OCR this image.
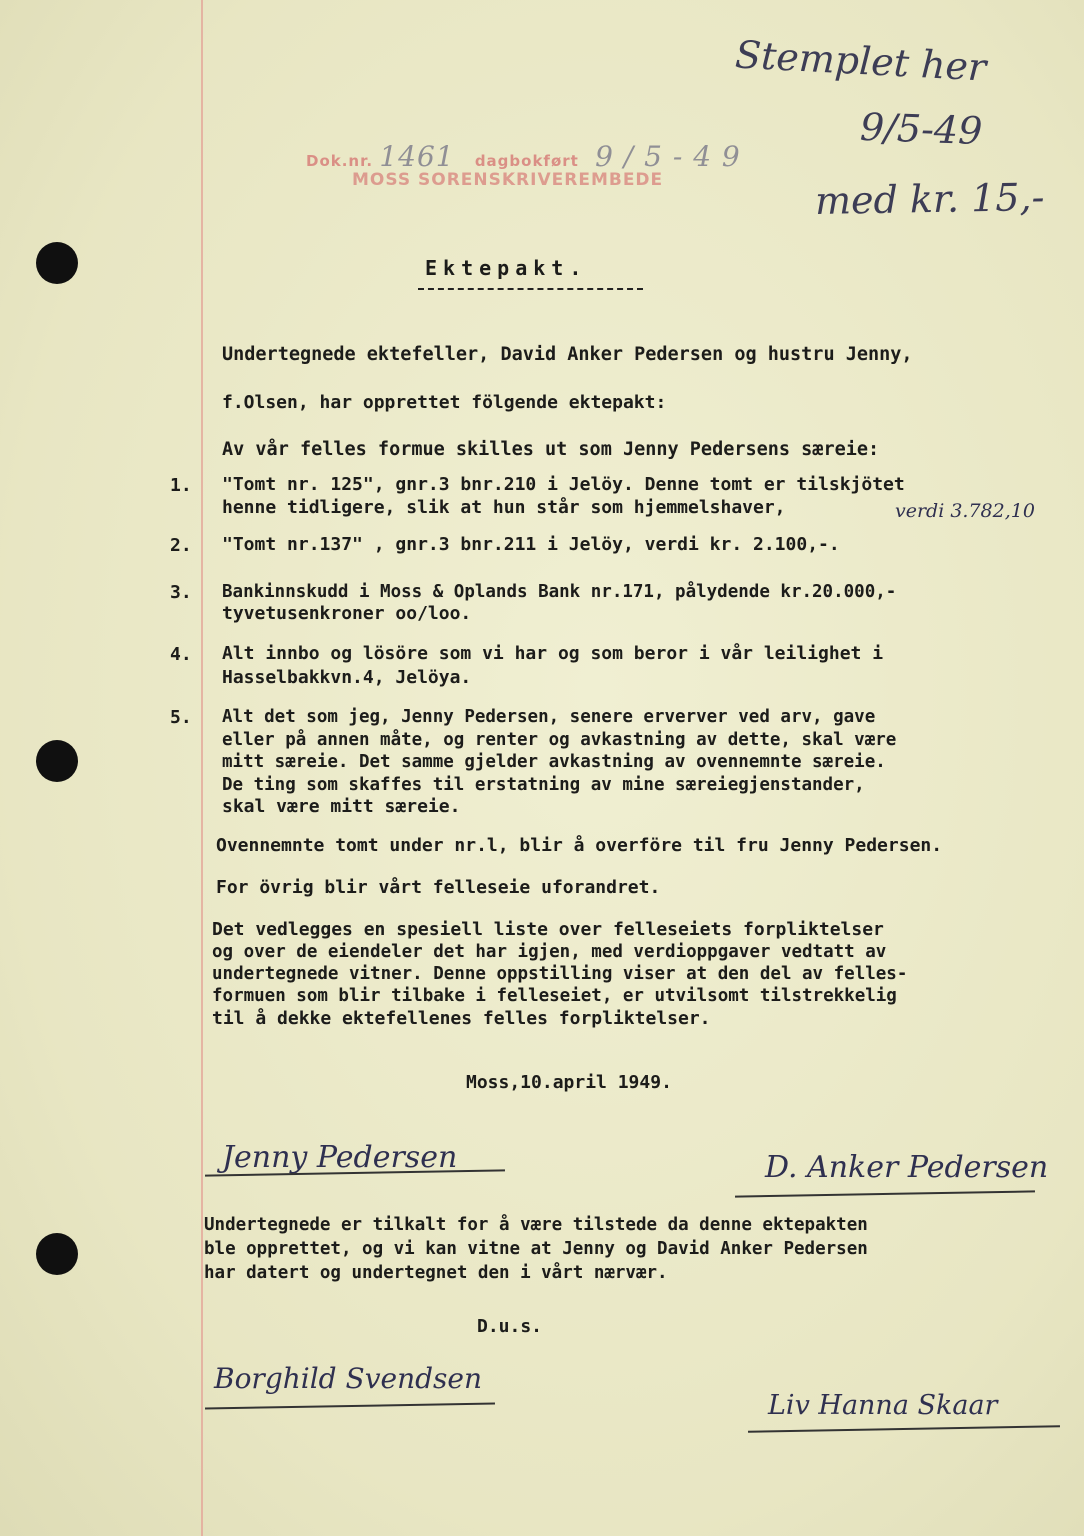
Dok.nr. 1461 dagbokført 9 / 5 - 4 9
MOSS SORENSKRIVEREMBEDE
Stemplet her
9/5-49
med kr. 15,-
Ektepakt.
Undertegnede ektefeller, David Anker Pedersen og hustru Jenny,
f.Olsen, har opprettet fölgende ektepakt:
Av vår felles formue skilles ut som Jenny Pedersens særeie:
1. "Tomt nr. 125", gnr.3 bnr.210 i Jelöy. Denne tomt er tilskjötet
henne tidligere, slik at hun står som hjemmelshaver,	verdi 3.782,10
2. "Tomt nr.137" , gnr.3 bnr.211 i Jelöy, verdi kr. 2.100,-.
3. Bankinnskudd i Moss & Oplands Bank nr.171, pålydende kr.20.000,-
tyvetusenkroner oo/loo.
4. Alt innbo og lösöre som vi har og som beror i vår leilighet i
Hasselbakkvn.4, Jelöya.
5. Alt det som jeg, Jenny Pedersen, senere erverver ved arv, gave
eller på annen måte, og renter og avkastning av dette, skal være
mitt særeie. Det samme gjelder avkastning av ovennemnte særeie.
De ting som skaffes til erstatning av mine særeiegjenstander,
skal være mitt særeie.
Ovennemnte tomt under nr.l, blir å overföre til fru Jenny Pedersen.
For övrig blir vårt felleseie uforandret.
Det vedlegges en spesiell liste over felleseiets forpliktelser
og over de eiendeler det har igjen, med verdioppgaver vedtatt av
undertegnede vitner. Denne oppstilling viser at den del av felles-
formuen som blir tilbake i felleseiet, er utvilsomt tilstrekkelig
til å dekke ektefellenes felles forpliktelser.
Moss,10.april 1949.
Jenny Pedersen	D. Anker Pedersen
Undertegnede er tilkalt for å være tilstede da denne ektepakten
ble opprettet, og vi kan vitne at Jenny og David Anker Pedersen
har datert og undertegnet den i vårt nærvær.
D.u.s.
Borghild Svendsen
Liv Hanna Skaar
